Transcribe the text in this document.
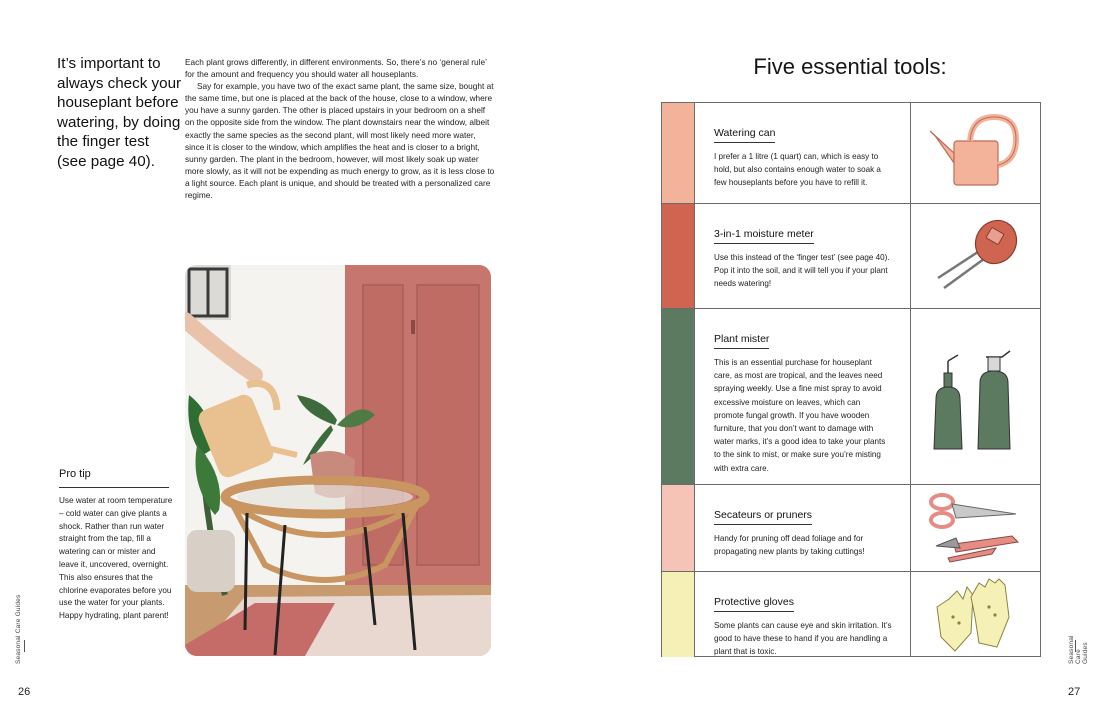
It’s important to always check your houseplant before watering, by doing the finger test (see page 40).

Each plant grows differently, in different environments. So, there’s no ‘general rule’ for the amount and frequency you should water all houseplants.

Say for example, you have two of the exact same plant, the same size, bought at the same time, but one is placed at the back of the house, close to a window, where you have a sunny garden. The other is placed upstairs in your bedroom on a shelf on the opposite side from the window. The plant downstairs near the window, albeit exactly the same species as the second plant, will most likely need more water, since it is closer to the window, which amplifies the heat and is closer to a bright, sunny garden. The plant in the bedroom, however, will most likely soak up water more slowly, as it will not be expending as much energy to grow, as it is less close to a light source. Each plant is unique, and should be treated with a personalized care regime.

Pro tip
Use water at room temperature – cold water can give plants a shock. Rather than run water straight from the tap, fill a watering can or mister and leave it, uncovered, overnight. This also ensures that the chlorine evaporates before you use the water for your plants. Happy hydrating, plant parent!
Seasonal Care Guides
26
Five essential tools:
Watering can
I prefer a 1 litre (1 quart) can, which is easy to hold, but also contains enough water to soak a few houseplants before you have to refill it.
3-in-1 moisture meter
Use this instead of the ‘finger test’ (see page 40). Pop it into the soil, and it will tell you if your plant needs watering!
Plant mister
This is an essential purchase for houseplant care, as most are tropical, and the leaves need spraying weekly. Use a fine mist spray to avoid excessive moisture on leaves, which can promote fungal growth. If you have wooden furniture, that you don’t want to damage with water marks, it’s a good idea to take your plants to the sink to mist, or make sure you’re misting with extra care.
Secateurs or pruners
Handy for pruning off dead foliage and for propagating new plants by taking cuttings!
Protective gloves
Some plants can cause eye and skin irritation. It’s good to have these to hand if you are handling a plant that is toxic.	Seasonal Care Guides
27
